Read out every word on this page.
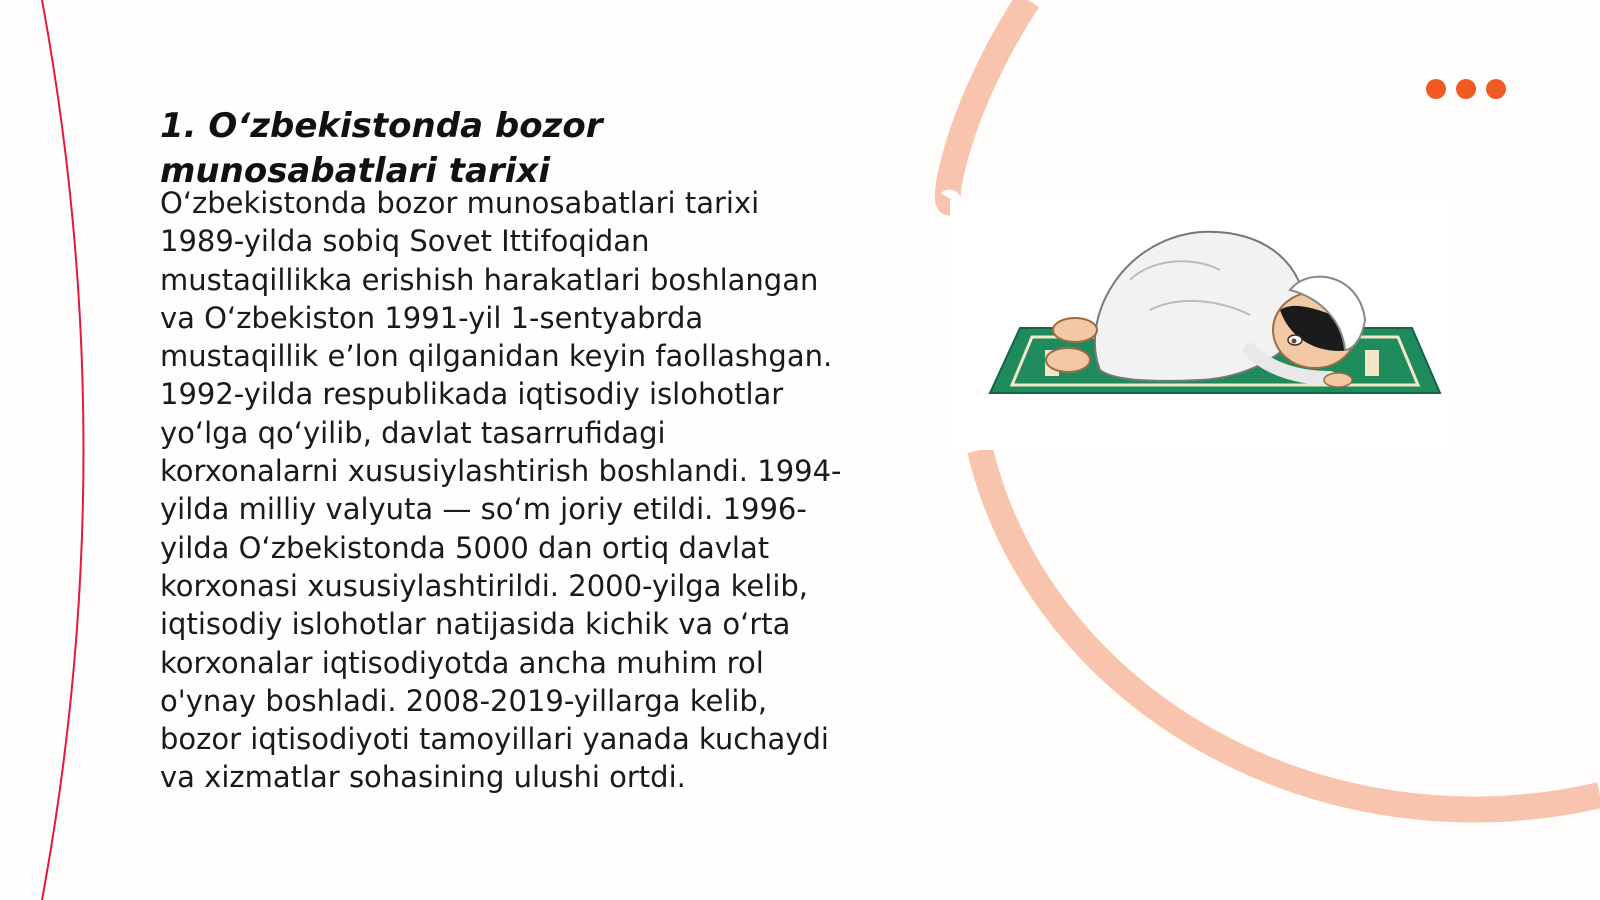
1. O‘zbekistonda bozor munosabatlari tarixi

O‘zbekistonda bozor munosabatlari tarixi 1989-yilda sobiq Sovet Ittifoqidan mustaqillikka erishish harakatlari boshlangan va O‘zbekiston 1991-yil 1-sentyabrda mustaqillik e’lon qilganidan keyin faollashgan. 1992-yilda respublikada iqtisodiy islohotlar yo‘lga qo‘yilib, davlat tasarrufidagi korxonalarni xususiylashtirish boshlandi. 1994-yilda milliy valyuta — so‘m joriy etildi. 1996-yilda O‘zbekistonda 5000 dan ortiq davlat korxonasi xususiylashtirildi. 2000-yilga kelib, iqtisodiy islohotlar natijasida kichik va o‘rta korxonalar iqtisodiyotda ancha muhim rol o'ynay boshladi. 2008-2019-yillarga kelib, bozor iqtisodiyoti tamoyillari yanada kuchaydi va xizmatlar sohasining ulushi ortdi.
